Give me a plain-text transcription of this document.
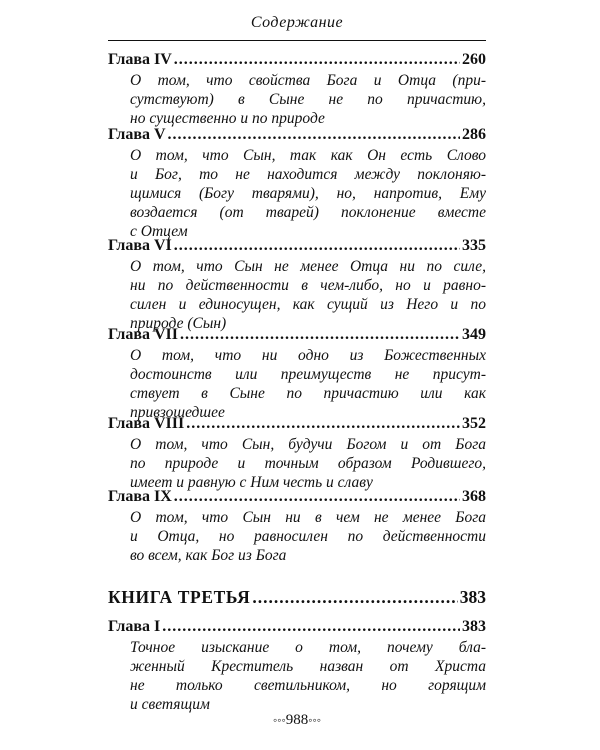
Содержание
Глава IV .....	260
О том, что свойства Бога и Отца (при-
сутствуют) в Сыне не по причастию,
но существенно и по природе
Глава V .....	286
О том, что Сын, так как Он есть Слово
и Бог, то не находится между поклоняю-
щимися (Богу тварями), но, напротив, Ему
воздается (от тварей) поклонение вместе
с Отцем
Глава VI .....	335
О том, что Сын не менее Отца ни по силе,
ни по действенности в чем-либо, но и равно-
силен и единосущен, как сущий из Него и по
природе (Сын)
Глава VII .....	349
О том, что ни одно из Божественных
достоинств или преимуществ не присут-
ствует в Сыне по причастию или как
привзошедшее
Глава VIII .....	352
О том, что Сын, будучи Богом и от Бога
по природе и точным образом Родившего,
имеет и равную с Ним честь и славу
Глава IX .....	368
О том, что Сын ни в чем не менее Бога
и Отца, но равносилен по действенности
во всем, как Бог из Бога
КНИГА ТРЕТЬЯ .....	383
Глава I .....	383
Точное изыскание о том, почему бла-
женный Креститель назван от Христа
не только светильником, но горящим
и светящим
◦◦◦988◦◦◦
